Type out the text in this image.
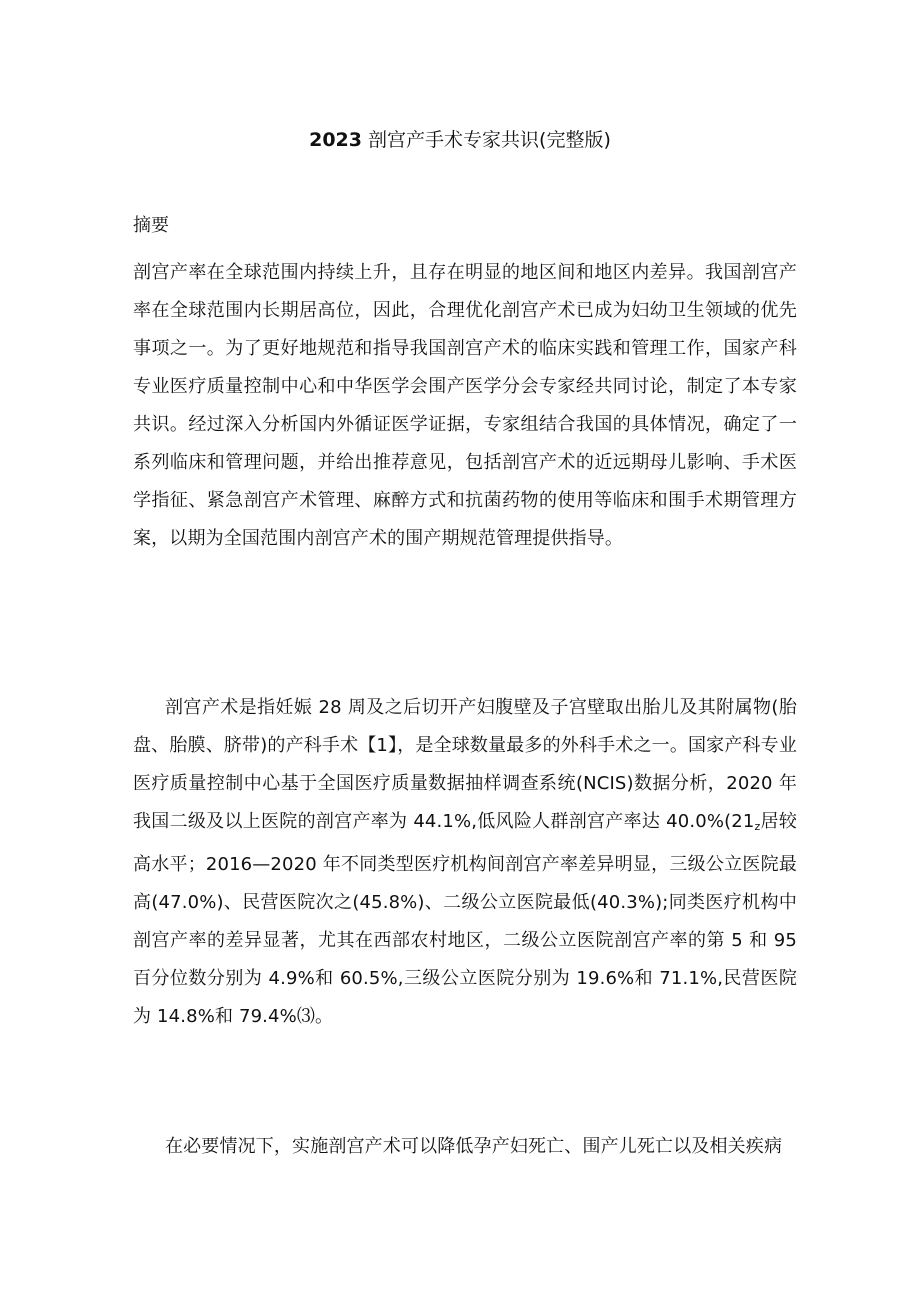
2023 剖宫产手术专家共识(完整版)
摘要

剖宫产率在全球范围内持续上升，且存在明显的地区间和地区内差异。我国剖宫产率在全球范围内长期居高位，因此，合理优化剖宫产术已成为妇幼卫生领域的优先事项之一。为了更好地规范和指导我国剖宫产术的临床实践和管理工作，国家产科专业医疗质量控制中心和中华医学会围产医学分会专家经共同讨论，制定了本专家共识。经过深入分析国内外循证医学证据，专家组结合我国的具体情况，确定了一系列临床和管理问题，并给出推荐意见，包括剖宫产术的近远期母儿影响、手术医学指征、紧急剖宫产术管理、麻醉方式和抗菌药物的使用等临床和围手术期管理方案，以期为全国范围内剖宫产术的围产期规范管理提供指导。

剖宫产术是指妊娠 28 周及之后切开产妇腹壁及子宫壁取出胎儿及其附属物(胎盘、胎膜、脐带)的产科手术【1】，是全球数量最多的外科手术之一。国家产科专业医疗质量控制中心基于全国医疗质量数据抽样调查系统(NCIS)数据分析，2020 年我国二级及以上医院的剖宫产率为 44.1%,低风险人群剖宫产率达 $40.0\%(21_z$居较高水平；2016—2020 年不同类型医疗机构间剖宫产率差异明显，三级公立医院最高(47.0%)、民营医院次之(45.8%)、二级公立医院最低(40.3%);同类医疗机构中剖宫产率的差异显著，尤其在西部农村地区，二级公立医院剖宫产率的第 5 和 95 百分位数分别为 4.9%和 60.5%,三级公立医院分别为 19.6%和 71.1%,民营医院为 14.8%和 79.4%⑶。

在必要情况下，实施剖宫产术可以降低孕产妇死亡、围产儿死亡以及相关疾病
